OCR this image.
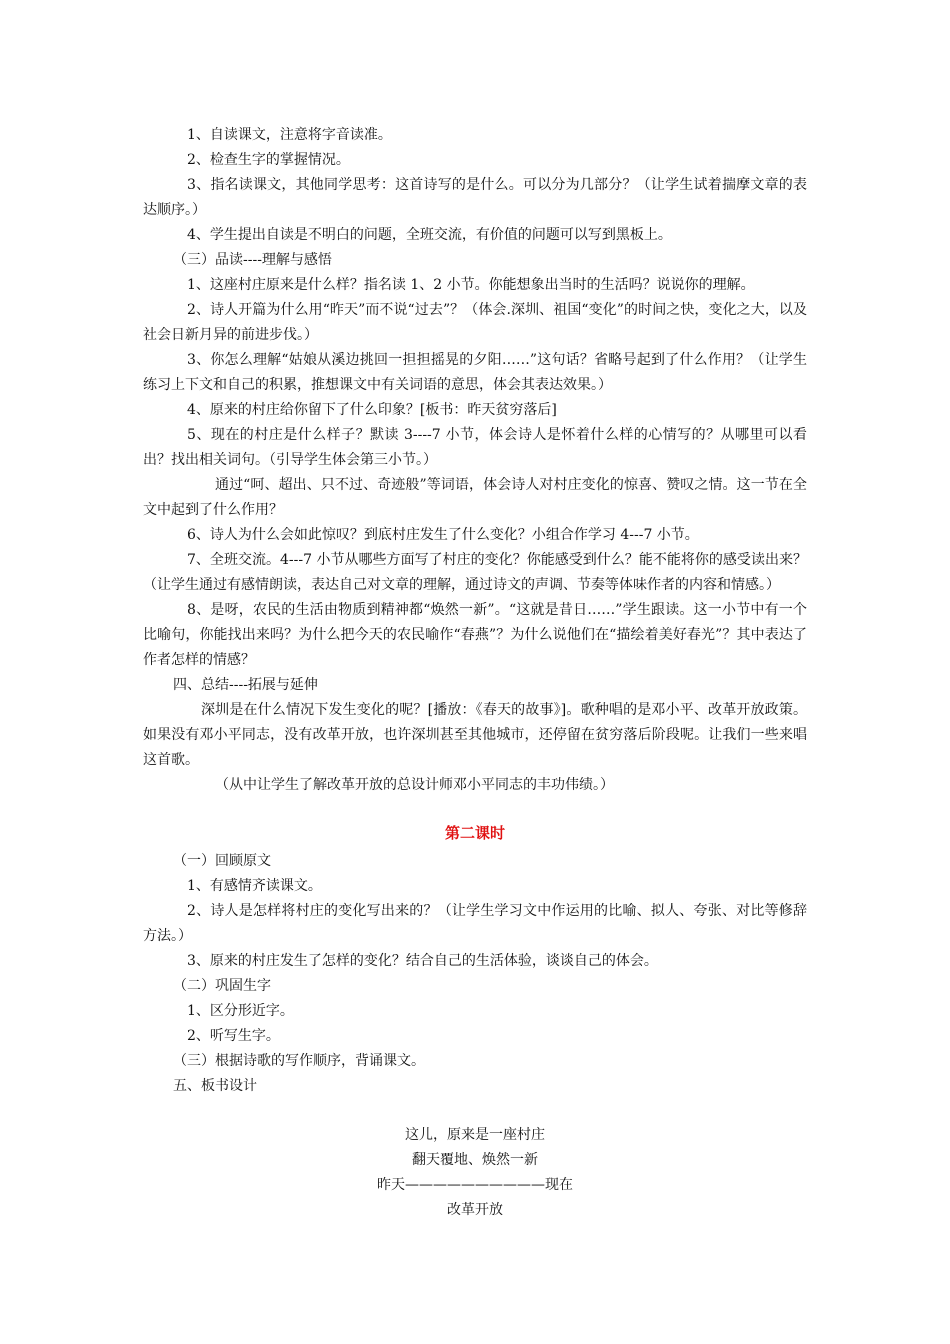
1、自读课文，注意将字音读准。

2、检查生字的掌握情况。

3、指名读课文，其他同学思考：这首诗写的是什么。可以分为几部分？（让学生试着揣摩文章的表达顺序。）

4、学生提出自读是不明白的问题，全班交流，有价值的问题可以写到黑板上。

（三）品读----理解与感悟

1、这座村庄原来是什么样？指名读 1、2 小节。你能想象出当时的生活吗？说说你的理解。

2、诗人开篇为什么用“昨天”而不说“过去”？（体会.深圳、祖国“变化”的时间之快，变化之大，以及社会日新月异的前进步伐。）

3、你怎么理解“姑娘从溪边挑回一担担摇晃的夕阳……”这句话？省略号起到了什么作用？（让学生练习上下文和自己的积累，推想课文中有关词语的意思，体会其表达效果。）

4、原来的村庄给你留下了什么印象？[板书：昨天贫穷落后]

5、现在的村庄是什么样子？默读 3----7 小节，体会诗人是怀着什么样的心情写的？从哪里可以看出？找出相关词句。（引导学生体会第三小节。）

通过“呵、超出、只不过、奇迹般”等词语，体会诗人对村庄变化的惊喜、赞叹之情。这一节在全文中起到了什么作用？

6、诗人为什么会如此惊叹？到底村庄发生了什么变化？小组合作学习 4---7 小节。

7、全班交流。4---7 小节从哪些方面写了村庄的变化？你能感受到什么？能不能将你的感受读出来？（让学生通过有感情朗读，表达自己对文章的理解，通过诗文的声调、节奏等体味作者的内容和情感。）

8、是呀，农民的生活由物质到精神都“焕然一新”。“这就是昔日……”学生跟读。这一小节中有一个比喻句，你能找出来吗？为什么把今天的农民喻作“春燕”？为什么说他们在“描绘着美好春光”？其中表达了作者怎样的情感？

四、总结----拓展与延伸

深圳是在什么情况下发生变化的呢？[播放：《春天的故事》]。歌种唱的是邓小平、改革开放政策。如果没有邓小平同志，没有改革开放，也许深圳甚至其他城市，还停留在贫穷落后阶段呢。让我们一些来唱这首歌。

（从中让学生了解改革开放的总设计师邓小平同志的丰功伟绩。）

第二课时

（一）回顾原文

1、有感情齐读课文。

2、诗人是怎样将村庄的变化写出来的？（让学生学习文中作运用的比喻、拟人、夸张、对比等修辞方法。）

3、原来的村庄发生了怎样的变化？结合自己的生活体验，谈谈自己的体会。

（二）巩固生字

1、区分形近字。

2、听写生字。

（三）根据诗歌的写作顺序，背诵课文。

五、板书设计

这儿，原来是一座村庄

翻天覆地、焕然一新

昨天——————————现在

改革开放
